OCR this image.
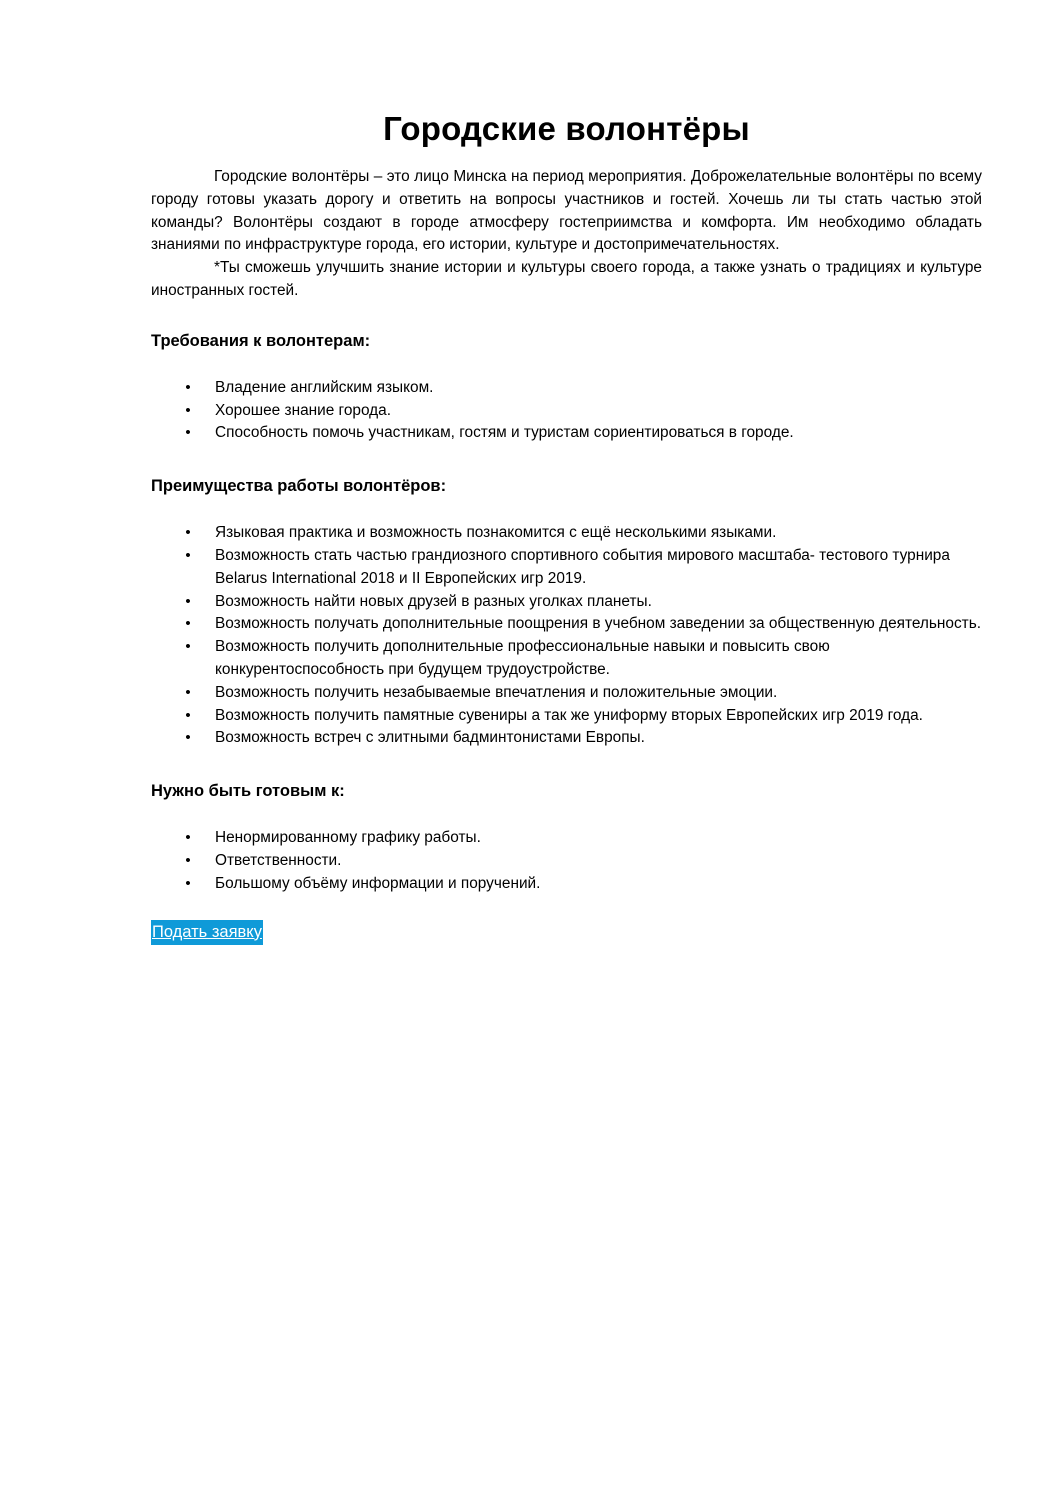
Городские волонтёры

Городские волонтёры – это лицо Минска на период мероприятия. Доброжелательные волонтёры по всему городу готовы указать дорогу и ответить на вопросы участников и гостей. Хочешь ли ты стать частью этой команды? Волонтёры создают в городе атмосферу гостеприимства и комфорта. Им необходимо обладать знаниями по инфраструктуре города, его истории, культуре и достопримечательностях.

*Ты сможешь улучшить знание истории и культуры своего города, а также узнать о традициях и культуре иностранных гостей.

Требования к волонтерам:
• Владение английским языком.
• Хорошее знание города.
• Способность помочь участникам, гостям и туристам сориентироваться в городе.
Преимущества работы волонтёров:
• Языковая практика и возможность познакомится с ещё несколькими языками.
• Возможность стать частью грандиозного спортивного события мирового масштаба- тестового турнира Belarus International 2018 и II Европейских игр 2019.
• Возможность найти новых друзей в разных уголках планеты.
• Возможность получать дополнительные поощрения в учебном заведении за общественную деятельность.
• Возможность получить дополнительные профессиональные навыки и повысить свою конкурентоспособность при будущем трудоустройстве.
• Возможность получить незабываемые впечатления и положительные эмоции.
• Возможность получить памятные сувениры а так же униформу вторых Европейских игр 2019 года.
• Возможность встреч с элитными бадминтонистами Европы.
Нужно быть готовым к:
• Ненормированному графику работы.
• Ответственности.
• Большому объёму информации и поручений.
Подать заявку
